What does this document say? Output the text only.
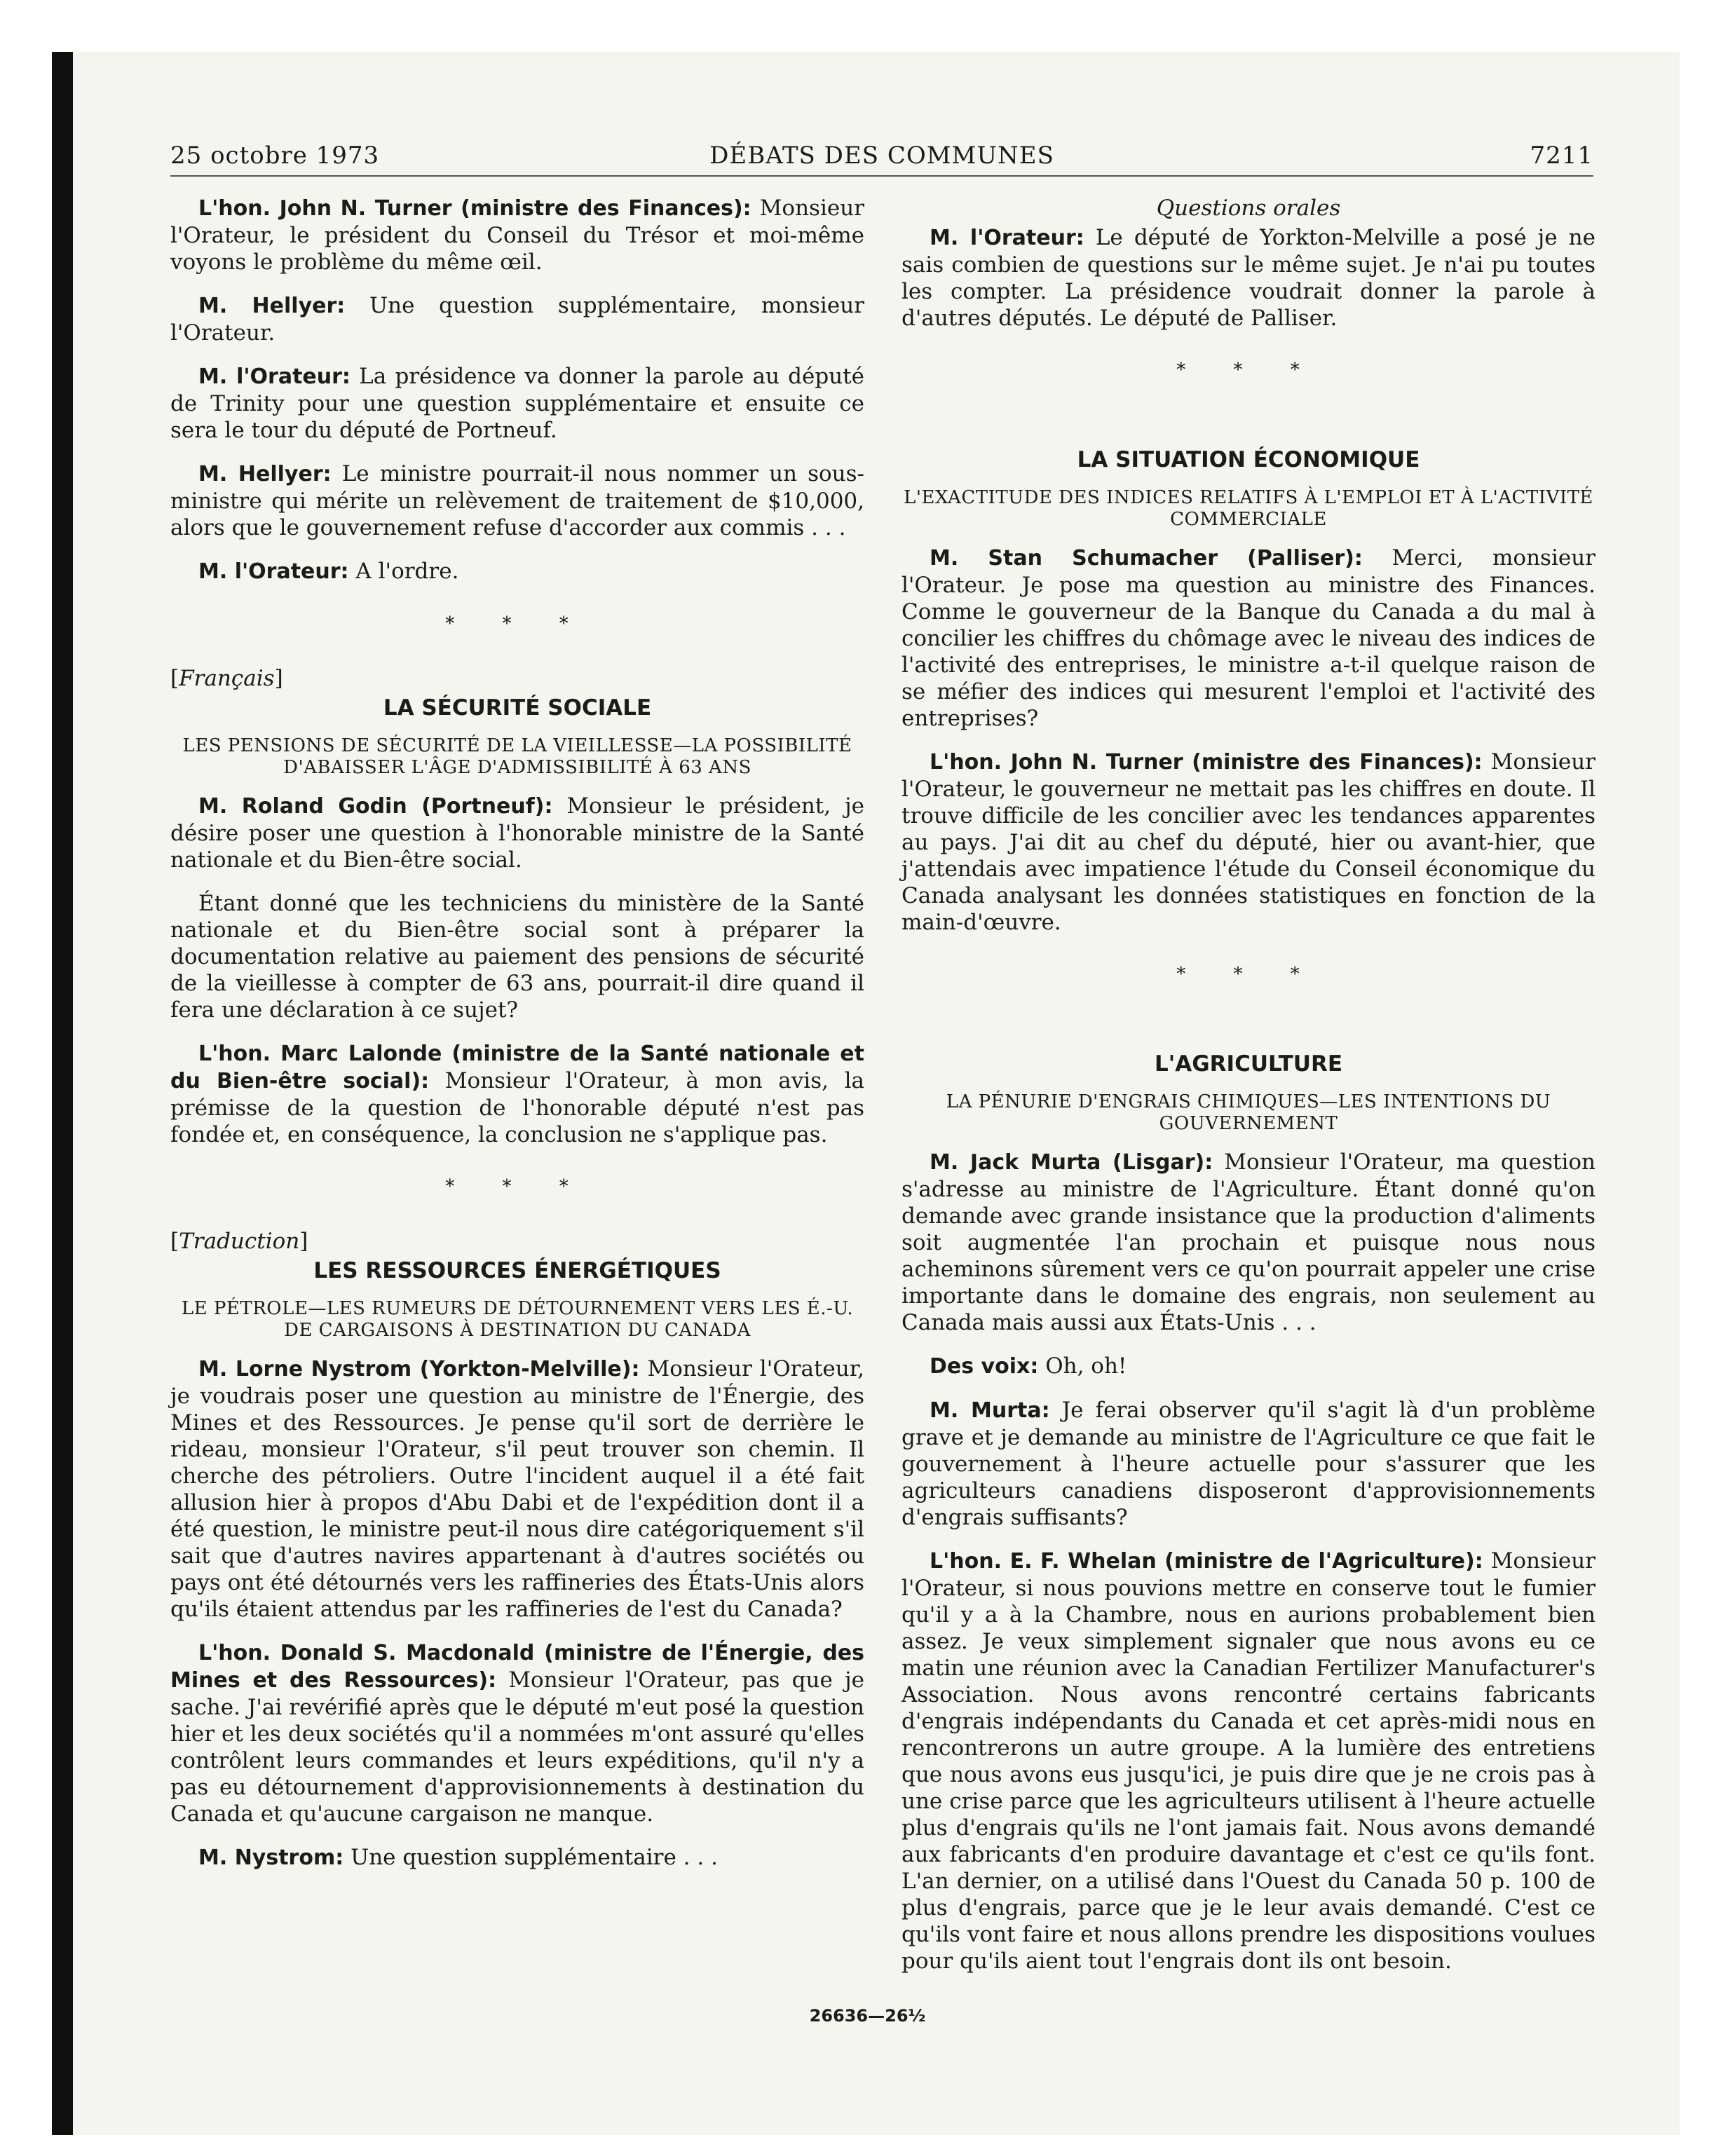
25 octobre 1973	DÉBATS DES COMMUNES	7211

L'hon. John N. Turner (ministre des Finances): Monsieur l'Orateur, le président du Conseil du Trésor et moi-même voyons le problème du même œil.

M. Hellyer: Une question supplémentaire, monsieur l'Orateur.

M. l'Orateur: La présidence va donner la parole au député de Trinity pour une question supplémentaire et ensuite ce sera le tour du député de Portneuf.

M. Hellyer: Le ministre pourrait-il nous nommer un sous-ministre qui mérite un relèvement de traitement de $10,000, alors que le gouvernement refuse d'accorder aux commis . . .

M. l'Orateur: A l'ordre.

* * *
[Français]
LA SÉCURITÉ SOCIALE
LES PENSIONS DE SÉCURITÉ DE LA VIEILLESSE—LA POSSIBILITÉ D'ABAISSER L'ÂGE D'ADMISSIBILITÉ À 63 ANS

M. Roland Godin (Portneuf): Monsieur le président, je désire poser une question à l'honorable ministre de la Santé nationale et du Bien-être social.

Étant donné que les techniciens du ministère de la Santé nationale et du Bien-être social sont à préparer la documentation relative au paiement des pensions de sécurité de la vieillesse à compter de 63 ans, pourrait-il dire quand il fera une déclaration à ce sujet?

L'hon. Marc Lalonde (ministre de la Santé nationale et du Bien-être social): Monsieur l'Orateur, à mon avis, la prémisse de la question de l'honorable député n'est pas fondée et, en conséquence, la conclusion ne s'applique pas.

* * *
[Traduction]
LES RESSOURCES ÉNERGÉTIQUES
LE PÉTROLE—LES RUMEURS DE DÉTOURNEMENT VERS LES É.-U. DE CARGAISONS À DESTINATION DU CANADA

M. Lorne Nystrom (Yorkton-Melville): Monsieur l'Orateur, je voudrais poser une question au ministre de l'Énergie, des Mines et des Ressources. Je pense qu'il sort de derrière le rideau, monsieur l'Orateur, s'il peut trouver son chemin. Il cherche des pétroliers. Outre l'incident auquel il a été fait allusion hier à propos d'Abu Dabi et de l'expédition dont il a été question, le ministre peut-il nous dire catégoriquement s'il sait que d'autres navires appartenant à d'autres sociétés ou pays ont été détournés vers les raffineries des États-Unis alors qu'ils étaient attendus par les raffineries de l'est du Canada?

L'hon. Donald S. Macdonald (ministre de l'Énergie, des Mines et des Ressources): Monsieur l'Orateur, pas que je sache. J'ai revérifié après que le député m'eut posé la question hier et les deux sociétés qu'il a nommées m'ont assuré qu'elles contrôlent leurs commandes et leurs expéditions, qu'il n'y a pas eu détournement d'approvisionnements à destination du Canada et qu'aucune cargaison ne manque.

M. Nystrom: Une question supplémentaire . . .

Questions orales

M. l'Orateur: Le député de Yorkton-Melville a posé je ne sais combien de questions sur le même sujet. Je n'ai pu toutes les compter. La présidence voudrait donner la parole à d'autres députés. Le député de Palliser.

* * *
LA SITUATION ÉCONOMIQUE
L'EXACTITUDE DES INDICES RELATIFS À L'EMPLOI ET À L'ACTIVITÉ COMMERCIALE

M. Stan Schumacher (Palliser): Merci, monsieur l'Orateur. Je pose ma question au ministre des Finances. Comme le gouverneur de la Banque du Canada a du mal à concilier les chiffres du chômage avec le niveau des indices de l'activité des entreprises, le ministre a-t-il quelque raison de se méfier des indices qui mesurent l'emploi et l'activité des entreprises?

L'hon. John N. Turner (ministre des Finances): Monsieur l'Orateur, le gouverneur ne mettait pas les chiffres en doute. Il trouve difficile de les concilier avec les tendances apparentes au pays. J'ai dit au chef du député, hier ou avant-hier, que j'attendais avec impatience l'étude du Conseil économique du Canada analysant les données statistiques en fonction de la main-d'œuvre.

* * *
L'AGRICULTURE
LA PÉNURIE D'ENGRAIS CHIMIQUES—LES INTENTIONS DU GOUVERNEMENT

M. Jack Murta (Lisgar): Monsieur l'Orateur, ma question s'adresse au ministre de l'Agriculture. Étant donné qu'on demande avec grande insistance que la production d'aliments soit augmentée l'an prochain et puisque nous nous acheminons sûrement vers ce qu'on pourrait appeler une crise importante dans le domaine des engrais, non seulement au Canada mais aussi aux États-Unis . . .

Des voix: Oh, oh!

M. Murta: Je ferai observer qu'il s'agit là d'un problème grave et je demande au ministre de l'Agriculture ce que fait le gouvernement à l'heure actuelle pour s'assurer que les agriculteurs canadiens disposeront d'approvisionnements d'engrais suffisants?

L'hon. E. F. Whelan (ministre de l'Agriculture): Monsieur l'Orateur, si nous pouvions mettre en conserve tout le fumier qu'il y a à la Chambre, nous en aurions probablement bien assez. Je veux simplement signaler que nous avons eu ce matin une réunion avec la Canadian Fertilizer Manufacturer's Association. Nous avons rencontré certains fabricants d'engrais indépendants du Canada et cet après-midi nous en rencontrerons un autre groupe. A la lumière des entretiens que nous avons eus jusqu'ici, je puis dire que je ne crois pas à une crise parce que les agriculteurs utilisent à l'heure actuelle plus d'engrais qu'ils ne l'ont jamais fait. Nous avons demandé aux fabricants d'en produire davantage et c'est ce qu'ils font. L'an dernier, on a utilisé dans l'Ouest du Canada 50 p. 100 de plus d'engrais, parce que je le leur avais demandé. C'est ce qu'ils vont faire et nous allons prendre les dispositions voulues pour qu'ils aient tout l'engrais dont ils ont besoin.

26636—26½
